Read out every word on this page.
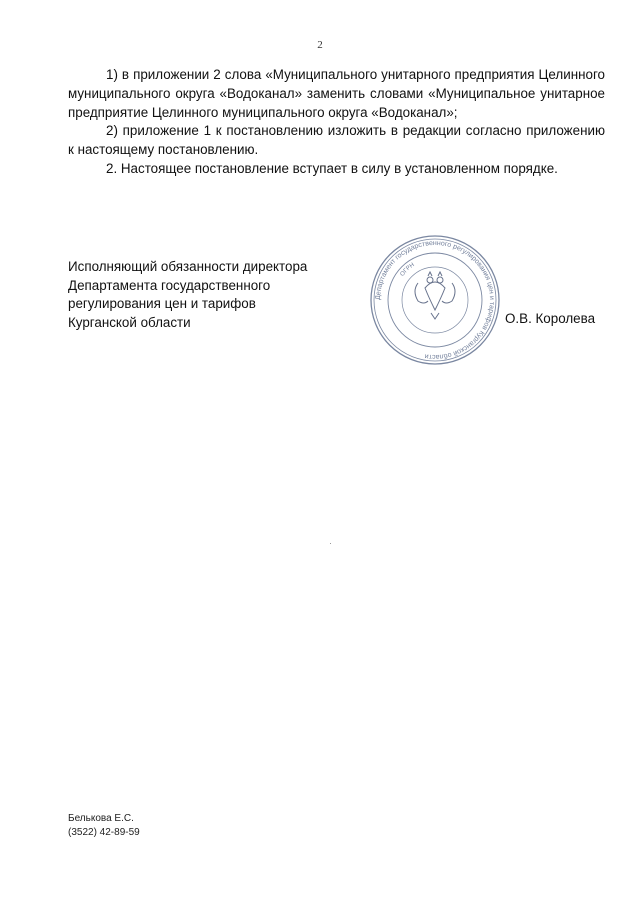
2

1) в приложении 2 слова «Муниципального унитарного предприятия Целинного муниципального округа «Водоканал» заменить словами «Муниципальное унитарное предприятие Целинного муниципального округа «Водоканал»;

2) приложение 1 к постановлению изложить в редакции согласно приложению к настоящему постановлению.

2. Настоящее постановление вступает в силу в установленном порядке.

Исполняющий обязанности директора
Департамента государственного
регулирования цен и тарифов
Курганской области
Департамент государственного регулирования цен и тарифов Курганской области
ОГРН
О.В. Королева
Белькова Е.С.
(3522) 42-89-59
